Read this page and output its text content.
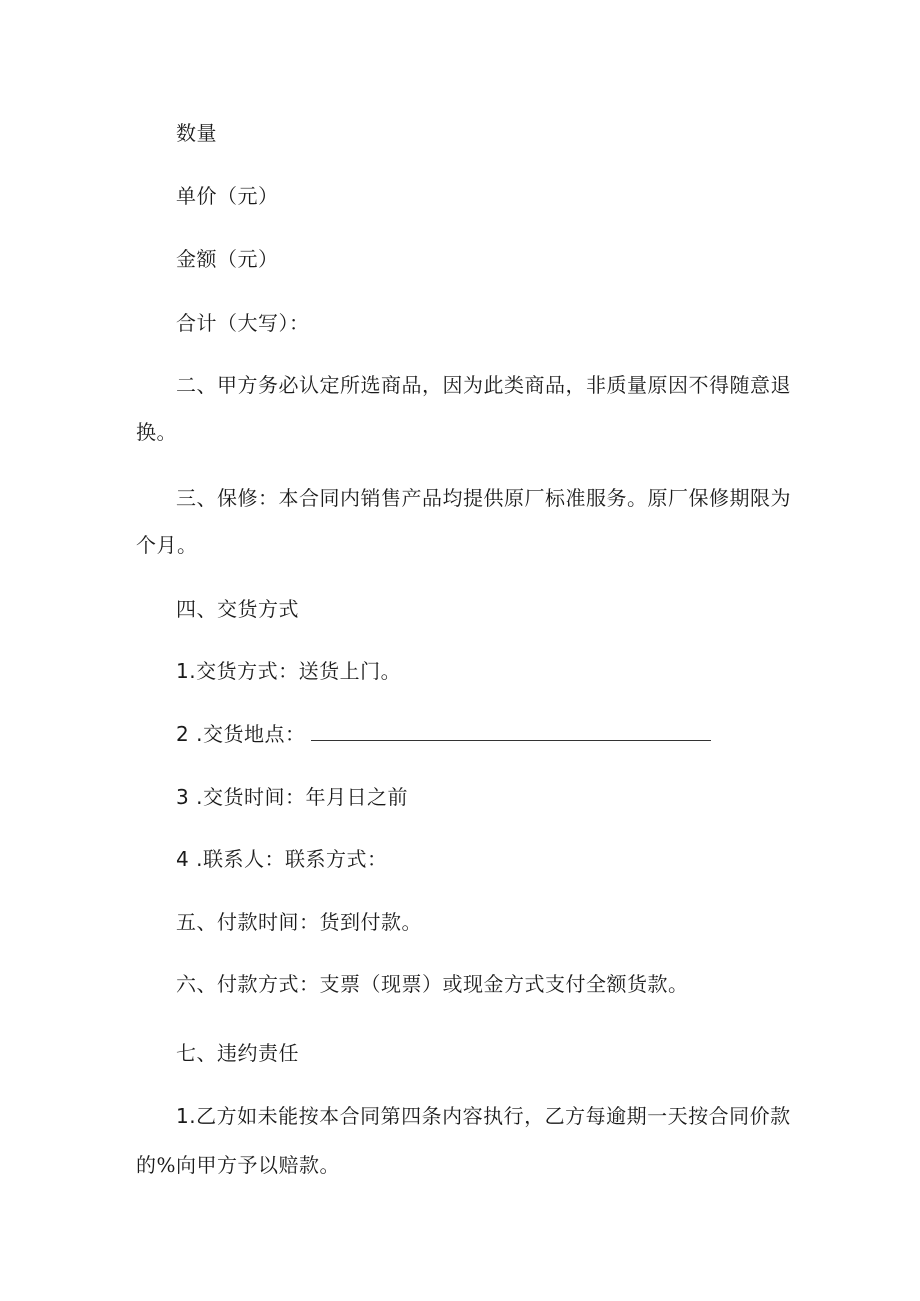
数量
单价（元）
金额（元）
合计（大写）：
二、甲方务必认定所选商品，因为此类商品，非质量原因不得随意退
换。
三、保修：本合同内销售产品均提供原厂标准服务。原厂保修期限为
个月。
四、交货方式
1.交货方式：送货上门。
2 .交货地点：
3 .交货时间：年月日之前
4 .联系人：联系方式：
五、付款时间：货到付款。
六、付款方式：支票（现票）或现金方式支付全额货款。
七、违约责任
1.乙方如未能按本合同第四条内容执行，乙方每逾期一天按合同价款
的%向甲方予以赔款。
